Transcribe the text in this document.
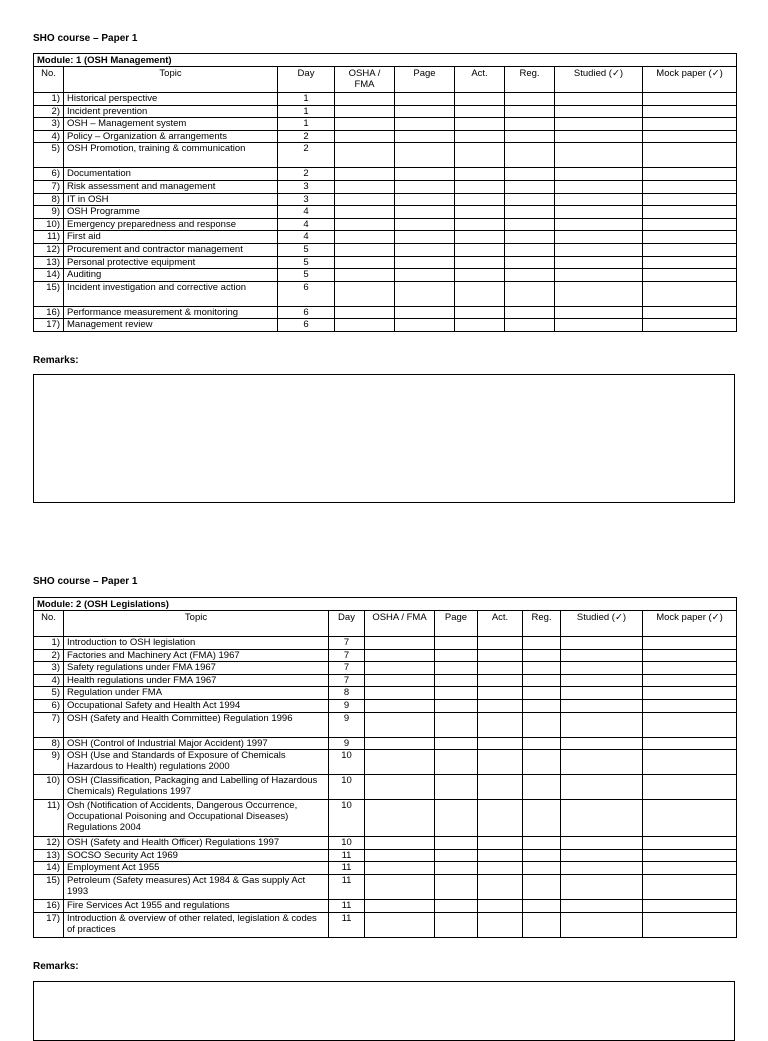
SHO course – Paper 1
Module: 1 (OSH Management)								
No.	Topic	Day	OSHA / FMA	Page	Act.	Reg.	Studied (✓)	Mock paper (✓)
1)	Historical perspective	1						
2)	Incident prevention	1						
3)	OSH – Management system	1						
4)	Policy – Organization & arrangements	2						
5)	OSH Promotion, training & communication	2						
6)	Documentation	2						
7)	Risk assessment and management	3						
8)	IT in OSH	3						
9)	OSH Programme	4						
10)	Emergency preparedness and response	4						
11)	First aid	4						
12)	Procurement and contractor management	5						
13)	Personal protective equipment	5						
14)	Auditing	5						
15)	Incident investigation and corrective action	6						
16)	Performance measurement & monitoring	6						
17)	Management review	6						
Remarks:
SHO course – Paper 1
Module: 2 (OSH Legislations)								
No.	Topic	Day	OSHA / FMA	Page	Act.	Reg.	Studied (✓)	Mock paper (✓)
1)	Introduction to OSH legislation	7						
2)	Factories and Machinery Act (FMA) 1967	7						
3)	Safety regulations under FMA 1967	7						
4)	Health regulations under FMA 1967	7						
5)	Regulation under FMA	8						
6)	Occupational Safety and Health Act 1994	9						
7)	OSH (Safety and Health Committee) Regulation 1996	9						
8)	OSH (Control of Industrial Major Accident) 1997	9						
9)	OSH (Use and Standards of Exposure of Chemicals Hazardous to Health) regulations 2000	10						
10)	OSH (Classification, Packaging and Labelling of Hazardous Chemicals) Regulations 1997	10						
11)	Osh (Notification of Accidents, Dangerous Occurrence, Occupational Poisoning and Occupational Diseases) Regulations 2004	10						
12)	OSH (Safety and Health Officer) Regulations 1997	10						
13)	SOCSO Security Act 1969	11						
14)	Employment Act 1955	11						
15)	Petroleum (Safety measures) Act 1984 & Gas supply Act 1993	11						
16)	Fire Services Act 1955 and regulations	11						
17)	Introduction & overview of other related, legislation & codes of practices	11						
Remarks:
